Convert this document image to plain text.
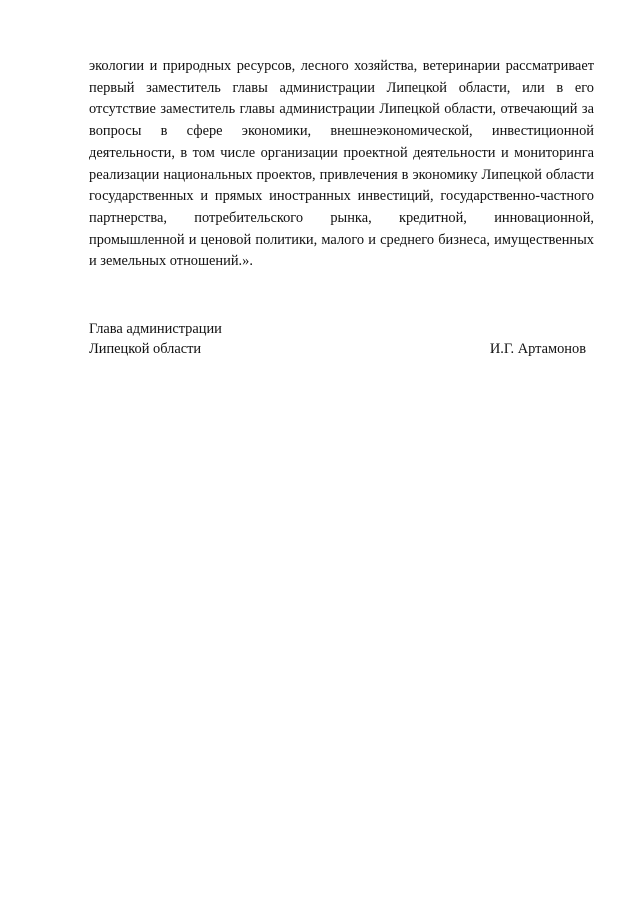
экологии и природных ресурсов, лесного хозяйства, ветеринарии рассматривает первый заместитель главы администрации Липецкой области, или в его отсутствие заместитель главы администрации Липецкой области, отвечающий за вопросы в сфере экономики, внешнеэкономической, инвестиционной деятельности, в том числе организации проектной деятельности и мониторинга реализации национальных проектов, привлечения в экономику Липецкой области государственных и прямых иностранных инвестиций, государственно-частного партнерства, потребительского рынка, кредитной, инновационной, промышленной и ценовой политики, малого и среднего бизнеса, имущественных и земельных отношений.».

Глава администрации
Липецкой области	И.Г. Артамонов
